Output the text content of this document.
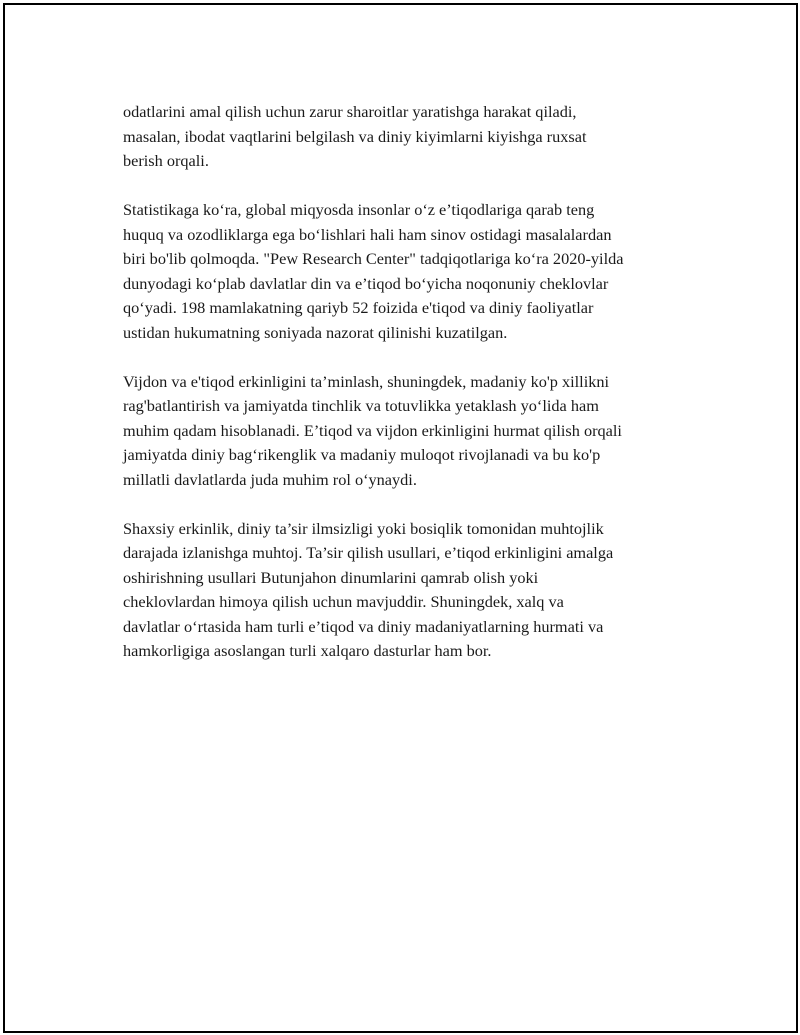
odatlarini amal qilish uchun zarur sharoitlar yaratishga harakat qiladi,
masalan, ibodat vaqtlarini belgilash va diniy kiyimlarni kiyishga ruxsat
berish orqali.

Statistikaga ko‘ra, global miqyosda insonlar o‘z e’tiqodlariga qarab teng
huquq va ozodliklarga ega bo‘lishlari hali ham sinov ostidagi masalalardan
biri bo'lib qolmoqda. "Pew Research Center" tadqiqotlariga ko‘ra 2020-yilda
dunyodagi ko‘plab davlatlar din va e’tiqod bo‘yicha noqonuniy cheklovlar
qo‘yadi. 198 mamlakatning qariyb 52 foizida e'tiqod va diniy faoliyatlar
ustidan hukumatning soniyada nazorat qilinishi kuzatilgan.

Vijdon va e'tiqod erkinligini ta’minlash, shuningdek, madaniy ko'p xillikni
rag'batlantirish va jamiyatda tinchlik va totuvlikka yetaklash yo‘lida ham
muhim qadam hisoblanadi. E’tiqod va vijdon erkinligini hurmat qilish orqali
jamiyatda diniy bag‘rikenglik va madaniy muloqot rivojlanadi va bu ko'p
millatli davlatlarda juda muhim rol o‘ynaydi.

Shaxsiy erkinlik, diniy ta’sir ilmsizligi yoki bosiqlik tomonidan muhtojlik
darajada izlanishga muhtoj. Ta’sir qilish usullari, e’tiqod erkinligini amalga
oshirishning usullari Butunjahon dinumlarini qamrab olish yoki
cheklovlardan himoya qilish uchun mavjuddir. Shuningdek, xalq va
davlatlar o‘rtasida ham turli e’tiqod va diniy madaniyatlarning hurmati va
hamkorligiga asoslangan turli xalqaro dasturlar ham bor.
